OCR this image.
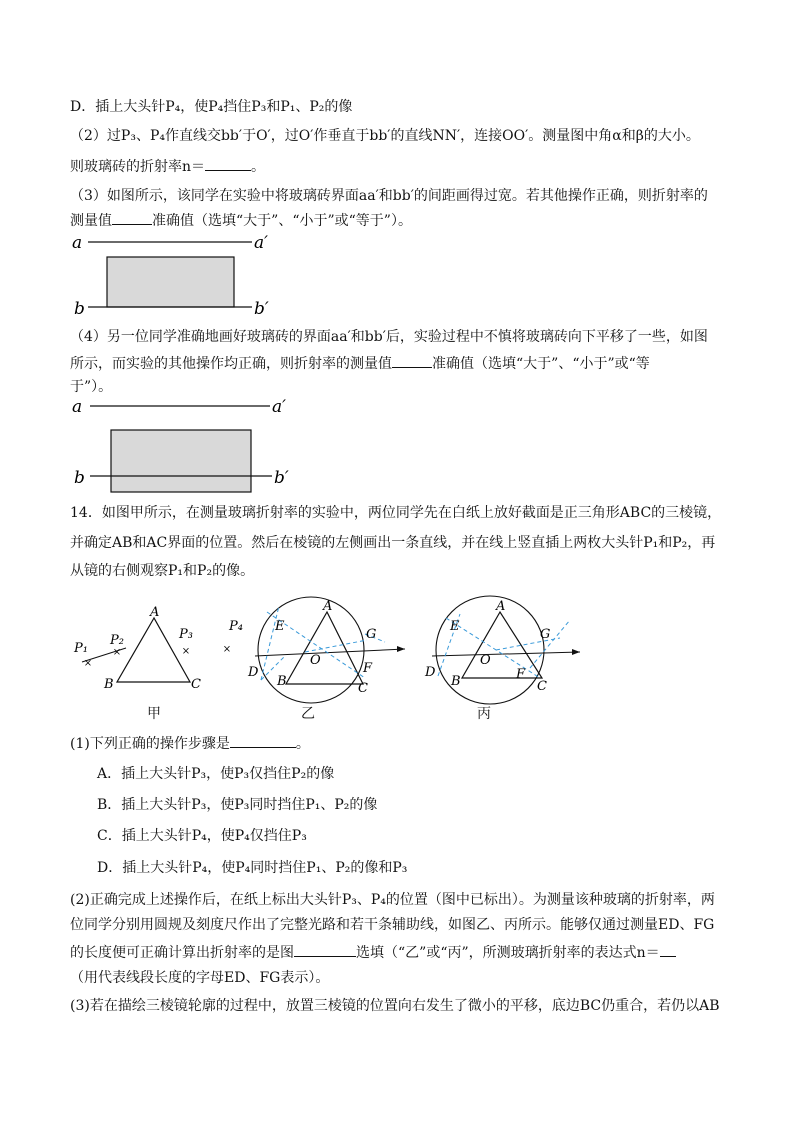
D．插上大头针P₄，使P₄挡住P₃和P₁、P₂的像
（2）过P₃、P₄作直线交bb′于O′，过O′作垂直于bb′的直线NN′，连接OO′。测量图中角α和β的大小。
则玻璃砖的折射率n＝	。
（3）如图所示，该同学在实验中将玻璃砖界面aa′和bb′的间距画得过宽。若其他操作正确，则折射率的
测量值	准确值（选填“大于”、“小于”或“等于”）。
a	a′
b	b′
（4）另一位同学准确地画好玻璃砖的界面aa′和bb′后，实验过程中不慎将玻璃砖向下平移了一些，如图
所示，而实验的其他操作均正确，则折射率的测量值	准确值（选填“大于”、“小于”或“等
于”）。
a	a′
b	b′
14．如图甲所示，在测量玻璃折射率的实验中，两位同学先在白纸上放好截面是正三角形ABC的三棱镜，
并确定AB和AC界面的位置。然后在棱镜的左侧画出一条直线，并在线上竖直插上两枚大头针P₁和P₂，再
从镜的右侧观察P₁和P₂的像。
×
×	×
A
B	C
P₁
P₂	P₃
甲
P₄
×
A
B	C
D
E
F
G
O
乙
A
B	C
D
E
F
G
O
丙
(1)下列正确的操作步骤是	。
A．插上大头针P₃，使P₃仅挡住P₂的像
B．插上大头针P₃，使P₃同时挡住P₁、P₂的像
C．插上大头针P₄，使P₄仅挡住P₃
D．插上大头针P₄，使P₄同时挡住P₁、P₂的像和P₃
(2)正确完成上述操作后，在纸上标出大头针P₃、P₄的位置（图中已标出）。为测量该种玻璃的折射率，两
位同学分别用圆规及刻度尺作出了完整光路和若干条辅助线，如图乙、丙所示。能够仅通过测量ED、FG
的长度便可正确计算出折射率的是图	选填（“乙”或“丙”，所测玻璃折射率的表达式n＝
（用代表线段长度的字母ED、FG表示）。
(3)若在描绘三棱镜轮廓的过程中，放置三棱镜的位置向右发生了微小的平移，底边BC仍重合，若仍以AB
